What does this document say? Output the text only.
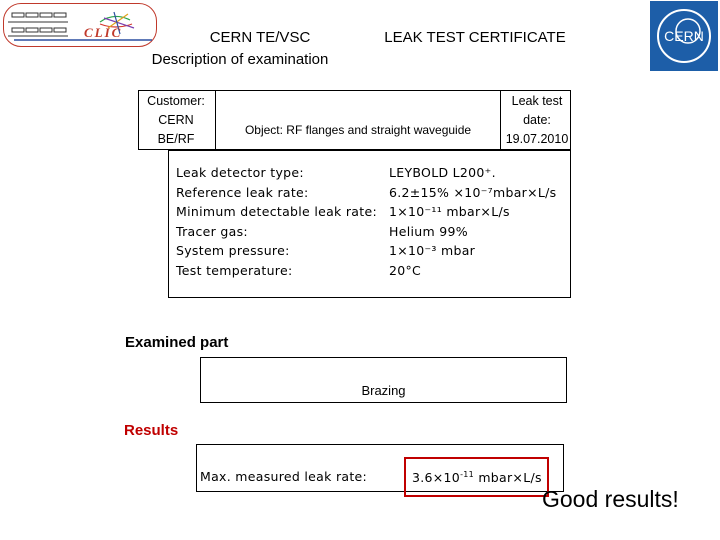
CLIC	CERN
CERN TE/VSC
Description of examination
LEAK TEST CERTIFICATE
Customer:
CERN
BE/RF
Object: RF flanges and straight waveguide
Leak test
date:
19.07.2010
Leak detector type:
Reference leak rate:
Minimum detectable leak rate:
Tracer gas:
System pressure:
Test temperature:
LEYBOLD L200⁺.
6.2±15% ×10⁻⁷mbar×L/s
1×10⁻¹¹ mbar×L/s
Helium 99%
1×10⁻³ mbar
20°C
Examined part
Brazing
Results
Max. measured leak rate:	$3.6\times 10^{-11}$ mbar×L/s
Good results!
